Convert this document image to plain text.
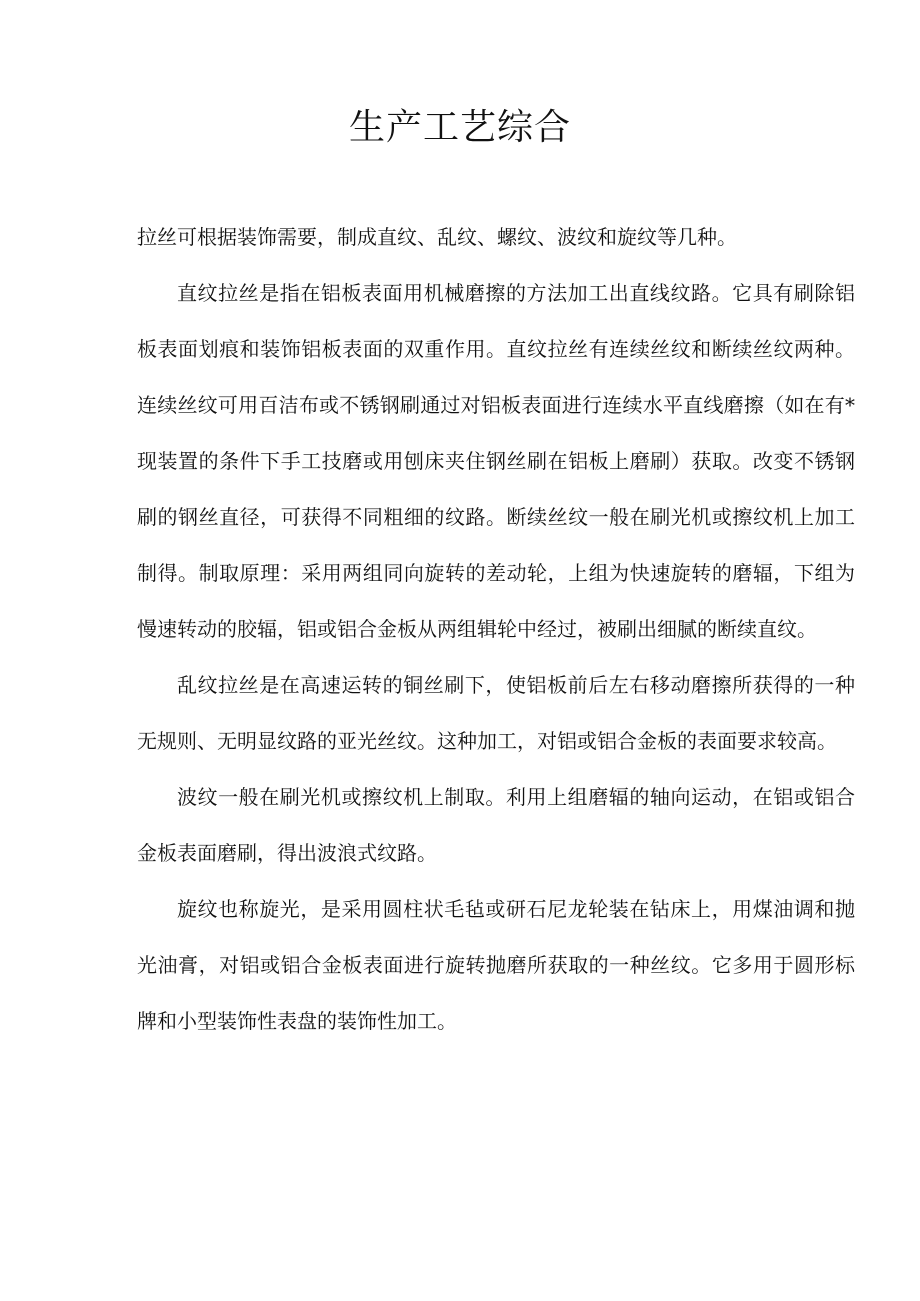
生产工艺综合

拉丝可根据装饰需要，制成直纹、乱纹、螺纹、波纹和旋纹等几种。

直纹拉丝是指在铝板表面用机械磨擦的方法加工出直线纹路。它具有刷除铝板表面划痕和装饰铝板表面的双重作用。直纹拉丝有连续丝纹和断续丝纹两种。连续丝纹可用百洁布或不锈钢刷通过对铝板表面进行连续水平直线磨擦（如在有*现装置的条件下手工技磨或用刨床夹住钢丝刷在铝板上磨刷）获取。改变不锈钢刷的钢丝直径，可获得不同粗细的纹路。断续丝纹一般在刷光机或擦纹机上加工制得。制取原理：采用两组同向旋转的差动轮，上组为快速旋转的磨辐，下组为慢速转动的胶辐，铝或铝合金板从两组辑轮中经过，被刷出细腻的断续直纹。

乱纹拉丝是在高速运转的铜丝刷下，使铝板前后左右移动磨擦所获得的一种无规则、无明显纹路的亚光丝纹。这种加工，对铝或铝合金板的表面要求较高。

波纹一般在刷光机或擦纹机上制取。利用上组磨辐的轴向运动，在铝或铝合金板表面磨刷，得出波浪式纹路。

旋纹也称旋光，是采用圆柱状毛毡或研石尼龙轮装在钻床上，用煤油调和抛光油膏，对铝或铝合金板表面进行旋转抛磨所获取的一种丝纹。它多用于圆形标牌和小型装饰性表盘的装饰性加工。
